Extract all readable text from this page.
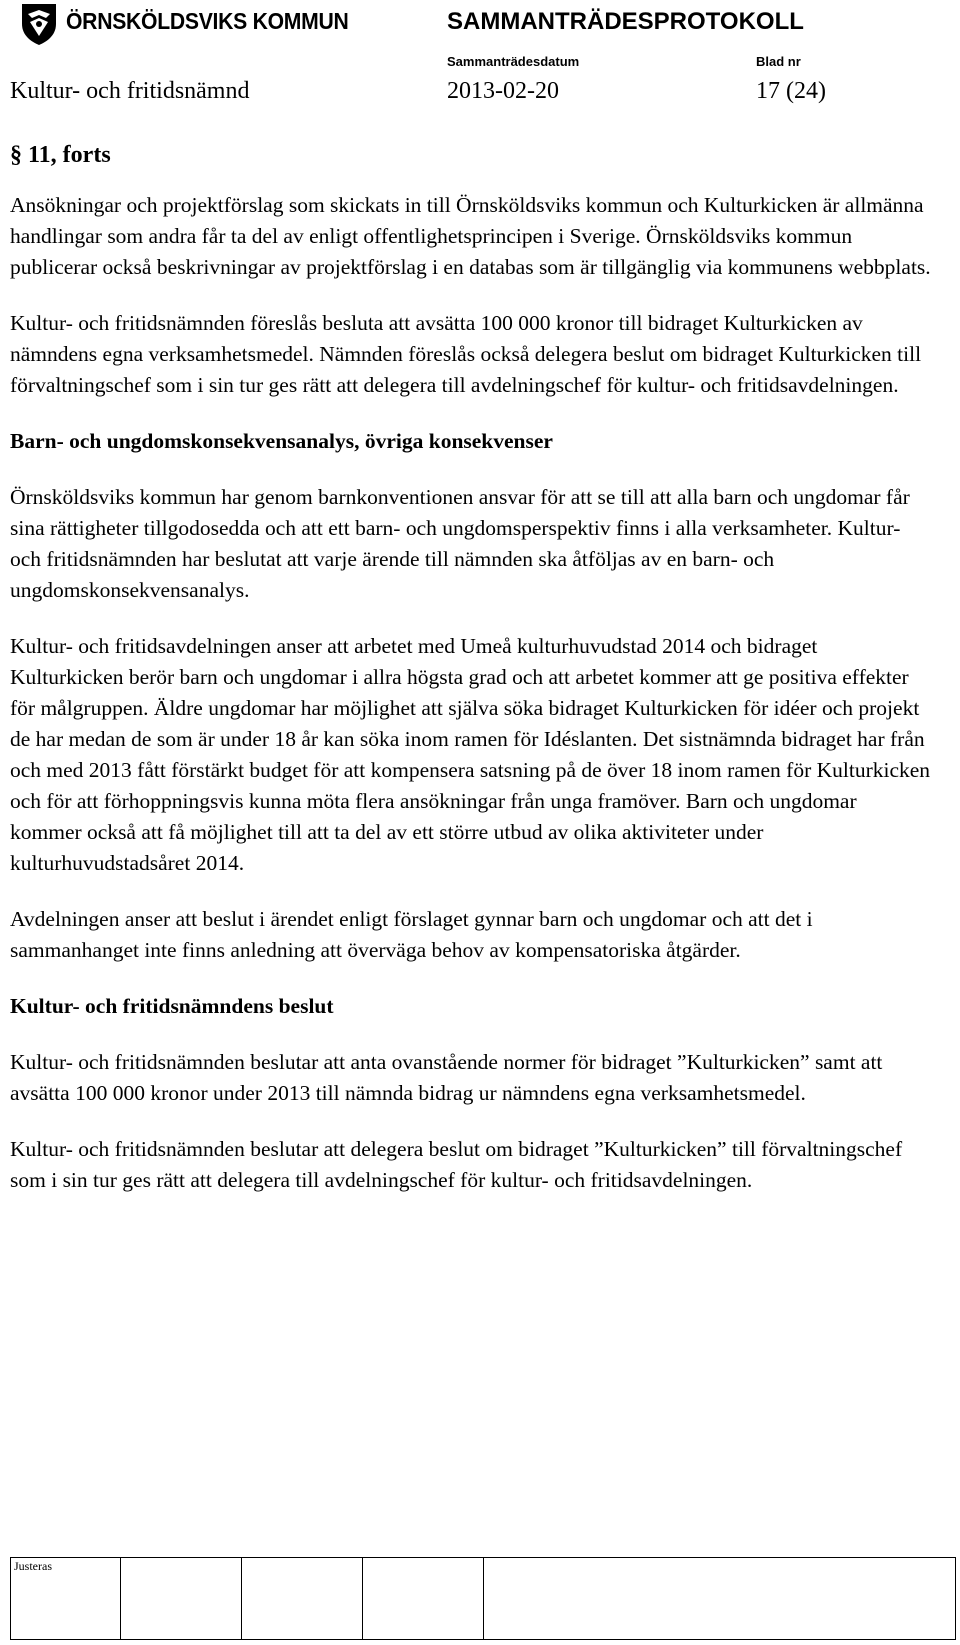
ÖRNSKÖLDSVIKS KOMMUN	SAMMANTRÄDESPROTOKOLL
Sammanträdesdatum	Blad nr
Kultur- och fritidsnämnd	2013-02-20	17 (24)
§ 11, forts

Ansökningar och projektförslag som skickats in till Örnsköldsviks kommun och Kulturkicken är allmänna handlingar som andra får ta del av enligt offentlighetsprincipen i Sverige. Örnsköldsviks kommun publicerar också beskrivningar av projektförslag i en databas som är tillgänglig via kommunens webbplats.

Kultur- och fritidsnämnden föreslås besluta att avsätta 100 000 kronor till bidraget Kulturkicken av nämndens egna verksamhetsmedel. Nämnden föreslås också delegera beslut om bidraget Kulturkicken till förvaltningschef som i sin tur ges rätt att delegera till avdelningschef för kultur- och fritidsavdelningen.

Barn- och ungdomskonsekvensanalys, övriga konsekvenser

Örnsköldsviks kommun har genom barnkonventionen ansvar för att se till att alla barn och ungdomar får sina rättigheter tillgodosedda och att ett barn- och ungdomsperspektiv finns i alla verksamheter. Kultur- och fritidsnämnden har beslutat att varje ärende till nämnden ska åtföljas av en barn- och ungdomskonsekvensanalys.

Kultur- och fritidsavdelningen anser att arbetet med Umeå kulturhuvudstad 2014 och bidraget Kulturkicken berör barn och ungdomar i allra högsta grad och att arbetet kommer att ge positiva effekter för målgruppen. Äldre ungdomar har möjlighet att själva söka bidraget Kulturkicken för idéer och projekt de har medan de som är under 18 år kan söka inom ramen för Idéslanten. Det sistnämnda bidraget har från och med 2013 fått förstärkt budget för att kompensera satsning på de över 18 inom ramen för Kulturkicken och för att förhoppningsvis kunna möta flera ansökningar från unga framöver. Barn och ungdomar kommer också att få möjlighet till att ta del av ett större utbud av olika aktiviteter under kulturhuvudstadsåret 2014.

Avdelningen anser att beslut i ärendet enligt förslaget gynnar barn och ungdomar och att det i sammanhanget inte finns anledning att överväga behov av kompensatoriska åtgärder.

Kultur- och fritidsnämndens beslut

Kultur- och fritidsnämnden beslutar att anta ovanstående normer för bidraget ”Kulturkicken” samt att avsätta 100 000 kronor under 2013 till nämnda bidrag ur nämndens egna verksamhetsmedel.

Kultur- och fritidsnämnden beslutar att delegera beslut om bidraget ”Kulturkicken” till förvaltningschef som i sin tur ges rätt att delegera till avdelningschef för kultur- och fritidsavdelningen.

Justeras
